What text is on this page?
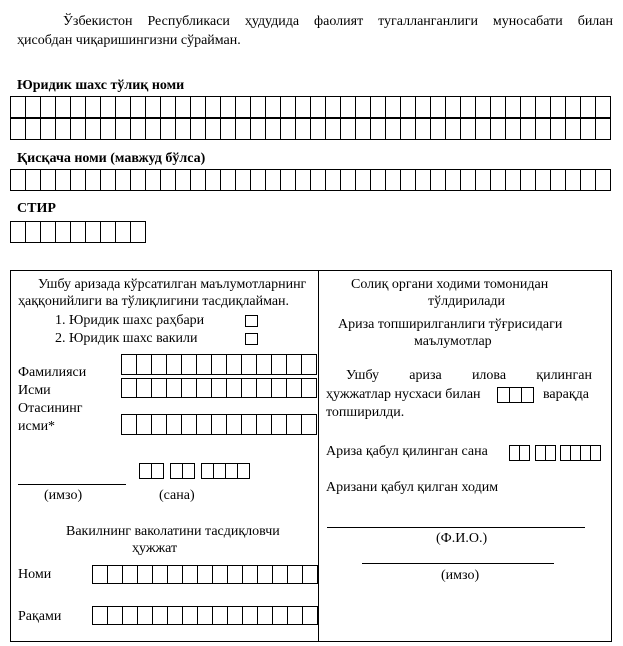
Ўзбекистон Республикаси ҳудудида фаолият тугалланганлиги муносабати билан
ҳисобдан чиқаришингизни сўрайман.
Юридик шахс тўлиқ номи
Қисқача номи (мавжуд бўлса)
СТИР
Ушбу аризада кўрсатилган маълумотларнинг
ҳаққонийлиги ва тўлиқлигини тасдиқлайман.
1. Юридик шахс раҳбари
2. Юридик шахс вакили
Фамилияси
Исми
Отасининг
исми*
(имзо)	(сана)
Вакилнинг ваколатини тасдиқловчи
ҳужжат
Номи
Рақами
Солиқ органи ходими томонидан
тўлдирилади
Ариза топширилганлиги тўғрисидаги
маълумотлар
Ушбу ариза илова қилинган
ҳужжатлар нусхаси билан	варақда
топширилди.
Ариза қабул қилинган сана
Аризани қабул қилган ходим
(Ф.И.О.)
(имзо)
